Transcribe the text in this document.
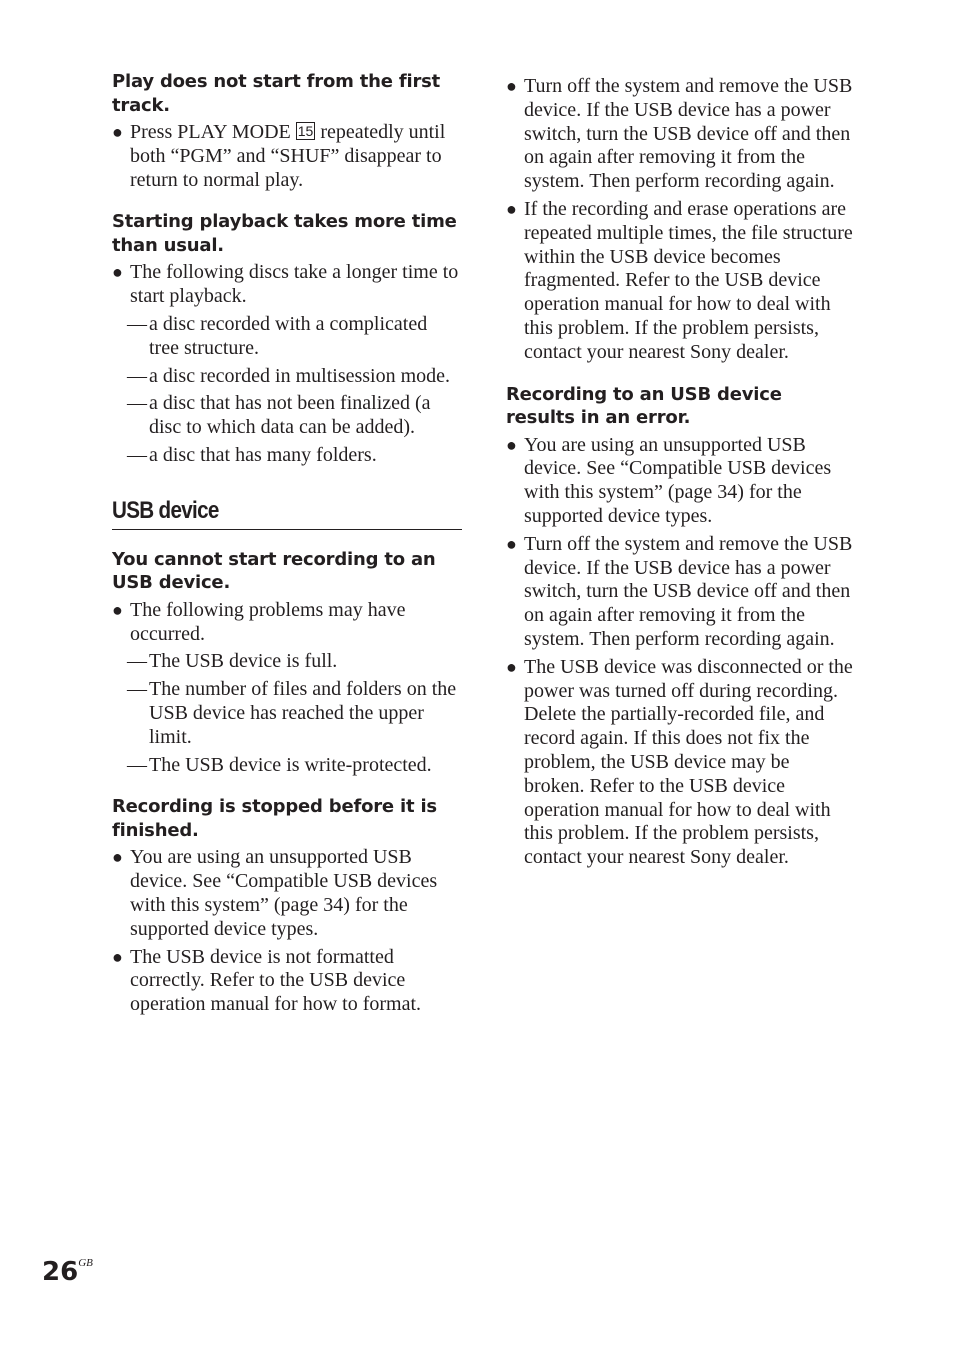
Play does not start from the first track.
● Press PLAY MODE 15 repeatedly until both “PGM” and “SHUF” disappear to return to normal play.
Starting playback takes more time than usual.
● The following discs take a longer time to start playback.
— a disc recorded with a complicated tree structure.
— a disc recorded in multisession mode.
— a disc that has not been finalized (a disc to which data can be added).
— a disc that has many folders.
USB device
You cannot start recording to an USB device.
● The following problems may have occurred.
— The USB device is full.
— The number of files and folders on the USB device has reached the upper limit.
— The USB device is write-protected.
Recording is stopped before it is finished.
● You are using an unsupported USB device. See “Compatible USB devices with this system” (page 34) for the supported device types.
● The USB device is not formatted correctly. Refer to the USB device operation manual for how to format.
● Turn off the system and remove the USB device. If the USB device has a power switch, turn the USB device off and then on again after removing it from the system. Then perform recording again.
● If the recording and erase operations are repeated multiple times, the file structure within the USB device becomes fragmented. Refer to the USB device operation manual for how to deal with this problem. If the problem persists, contact your nearest Sony dealer.
Recording to an USB device results in an error.
● You are using an unsupported USB device. See “Compatible USB devices with this system” (page 34) for the supported device types.
● Turn off the system and remove the USB device. If the USB device has a power switch, turn the USB device off and then on again after removing it from the system. Then perform recording again.
● The USB device was disconnected or the power was turned off during recording. Delete the partially-recorded file, and record again. If this does not fix the problem, the USB device may be broken. Refer to the USB device operation manual for how to deal with this problem. If the problem persists, contact your nearest Sony dealer.
$26^{GB}$
